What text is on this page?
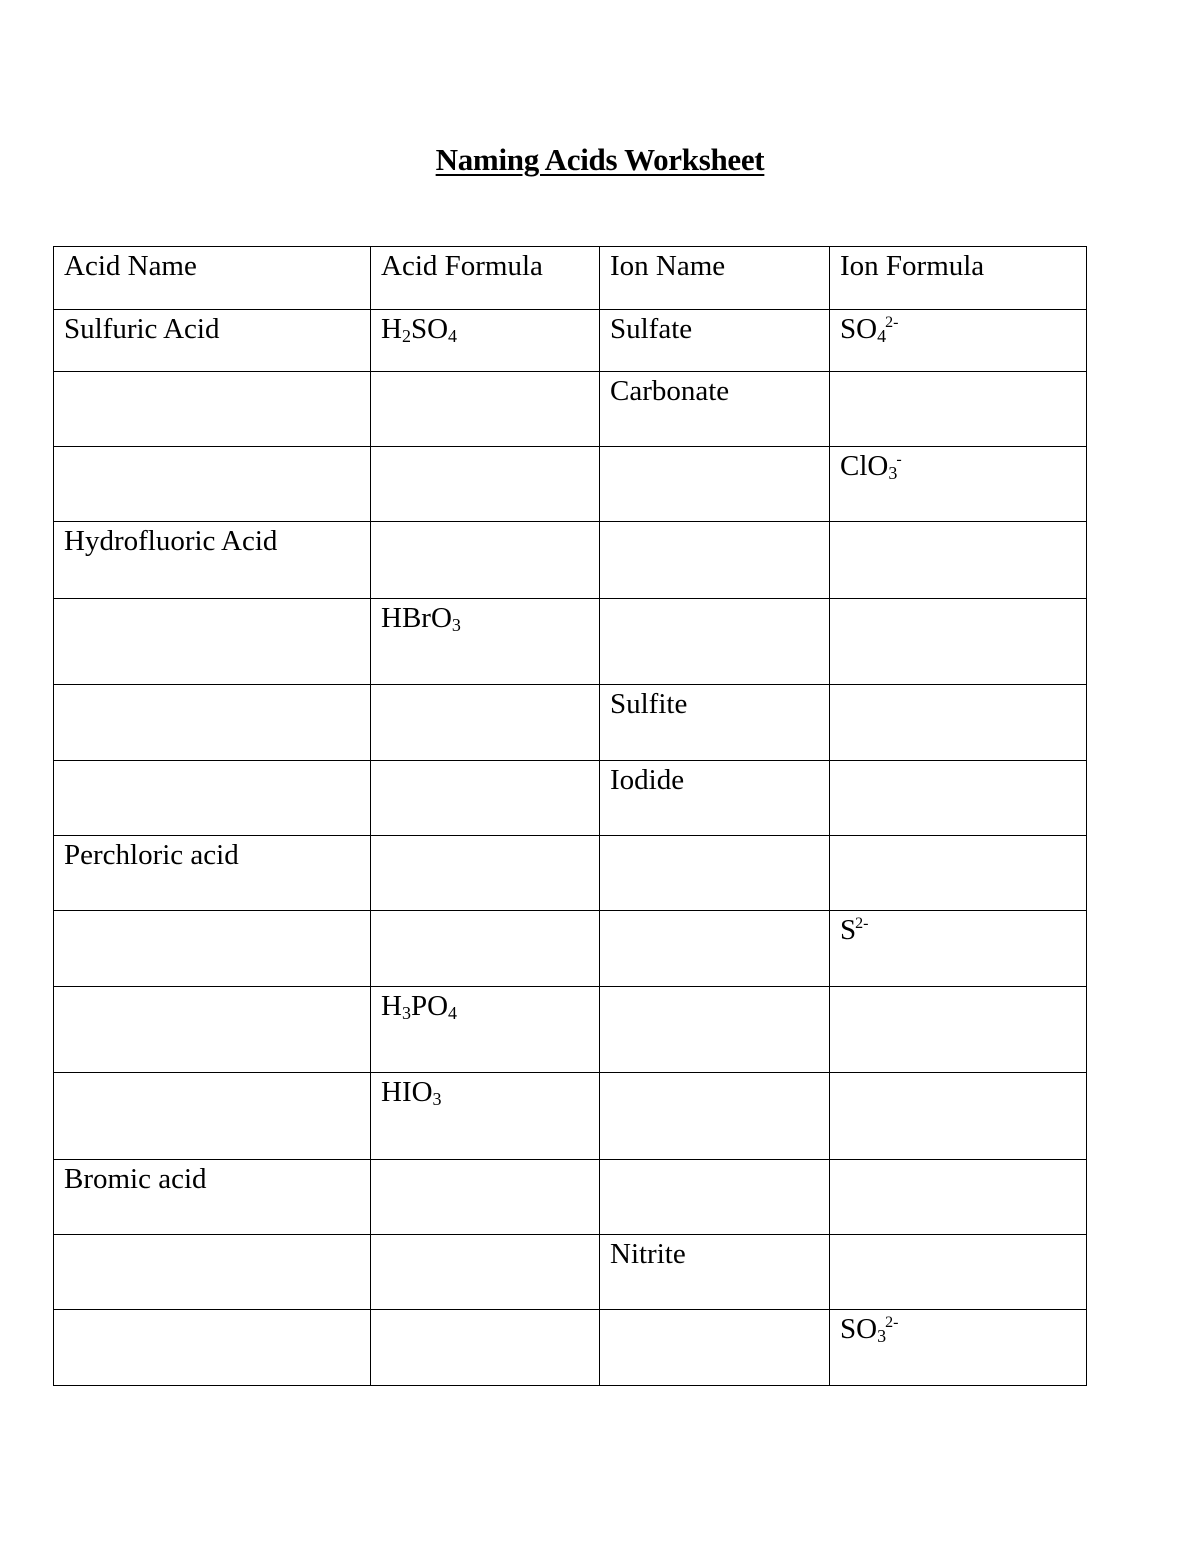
Naming Acids Worksheet
Acid Name	Acid Formula	Ion Name	Ion Formula
Sulfuric Acid	$H_2SO_4$	Sulfate	$SO_4^{2-}$
		Carbonate	
			ClO$_3$-
Hydrofluoric Acid			
	HBrO$_3$		
		Sulfite	
		Iodide	
Perchloric acid			
			$S^{2-}$
	$H_3PO_4$		
	$HIO_3$		
Bromic acid			
		Nitrite	
			$SO_3^{2-}$
